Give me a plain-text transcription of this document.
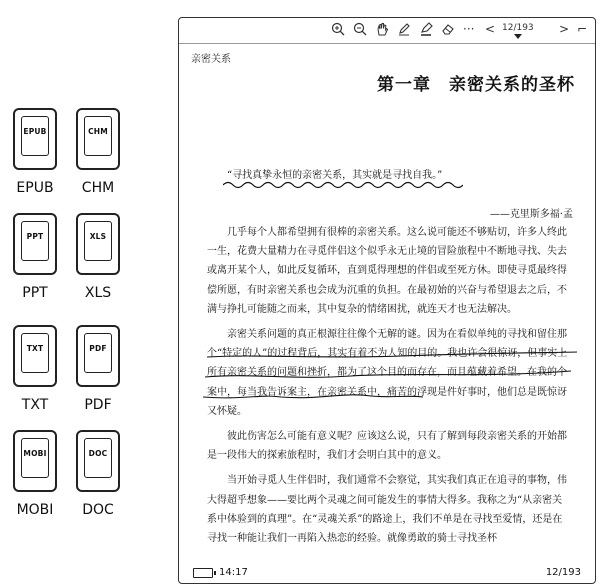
EPUB
EPUB
CHM
CHM
PPT
PPT
XLS
XLS
TXT
TXT
PDF
PDF
MOBI
MOBI
DOC
DOC
··· < 12/193 > ⌐
亲密关系
第一章　亲密关系的圣杯
“寻找真挚永恒的亲密关系，其实就是寻找自我。”
——克里斯多福·孟

几乎每个人都希望拥有很棒的亲密关系。这么说可能还不够贴切，许多人终此一生，花费大量精力在寻觅伴侣这个似乎永无止境的冒险旅程中不断地寻找、失去或离开某个人，如此反复循环，直到觅得理想的伴侣或至死方休。即使寻觅最终得偿所愿，有时亲密关系也会成为沉重的负担。在最初始的兴奋与希望退去之后，不满与挣扎可能随之而来，其中复杂的情绪困扰，就连天才也无法解决。

亲密关系问题的真正根源往往像个无解的谜。因为在看似单纯的寻找和留住那个“特定的人”的过程背后，其实有着不为人知的目的。我也许会很惊讶，但事实上所有亲密关系的问题和挫折，都为了这个目的而存在，而且蕴藏着希望。在我的个案中，每当我告诉案主，在亲密关系中，痛苦的浮现是件好事时，他们总是既惊讶又怀疑。

彼此伤害怎么可能有意义呢？应该这么说，只有了解到每段亲密关系的开始都是一段伟大的探索旅程时，我们才会明白其中的意义。

当开始寻觅人生伴侣时，我们通常不会察觉，其实我们真正在追寻的事物，伟大得超乎想象——要比两个灵魂之间可能发生的事情大得多。我称之为“从亲密关系中体验到的真理”。在“灵魂关系”的路途上，我们不单是在寻找至爱情，还是在寻找一种能让我们一再陷入热恋的经验。就像勇敢的骑士寻找圣杯

14:17	12/193
